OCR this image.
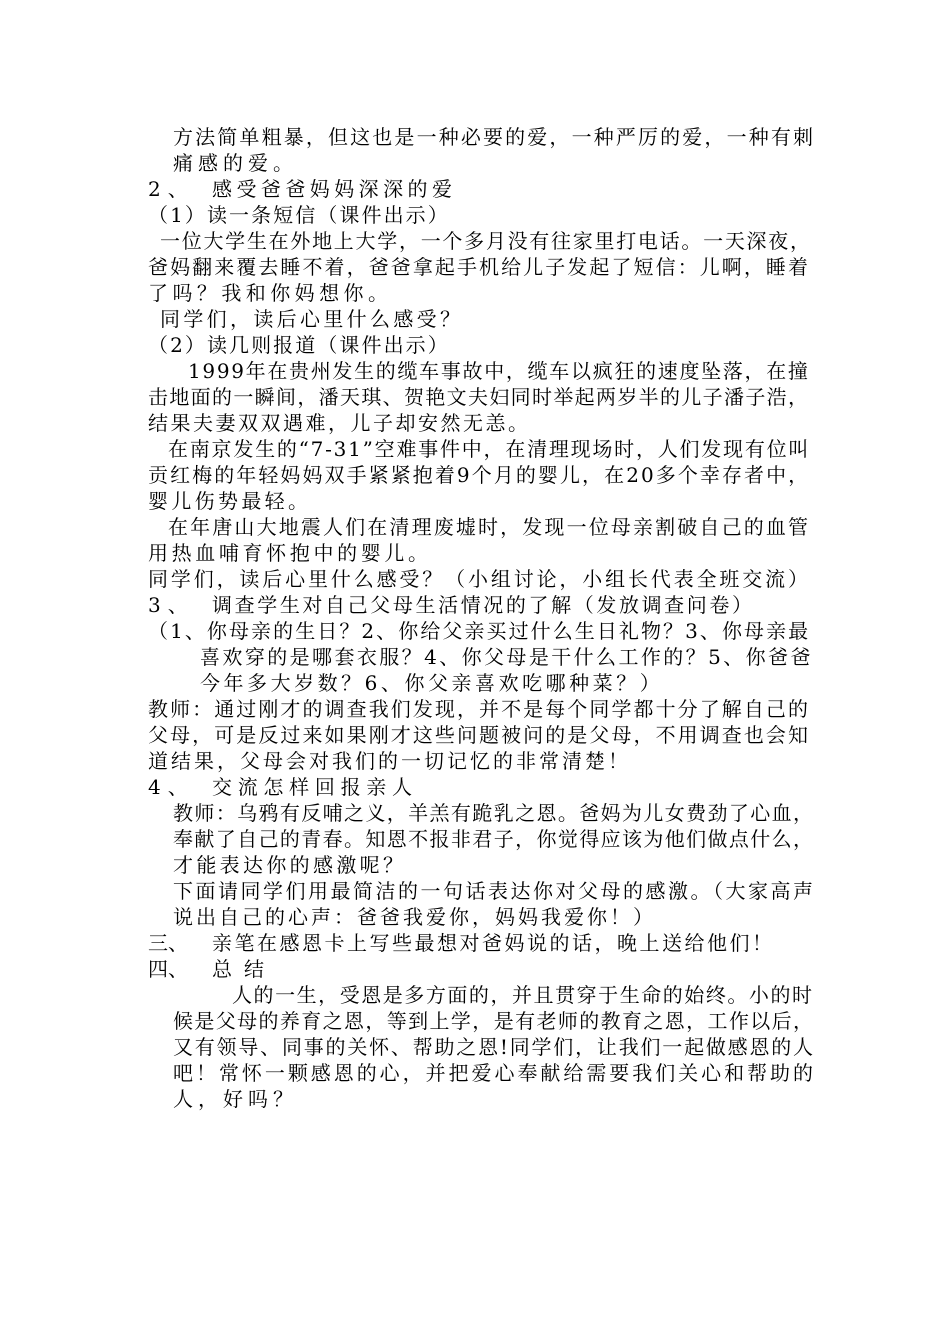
方法简单粗暴，但这也是一种必要的爱，一种严厉的爱，一种有刺
痛感的爱。
2、 感受爸爸妈妈深深的爱
（1）读一条短信（课件出示）
一位大学生在外地上大学，一个多月没有往家里打电话。一天深夜，
爸妈翻来覆去睡不着，爸爸拿起手机给儿子发起了短信：儿啊，睡着
了吗？我和你妈想你。
同学们，读后心里什么感受？
（2）读几则报道（课件出示）
1999年在贵州发生的缆车事故中，缆车以疯狂的速度坠落，在撞
击地面的一瞬间，潘天琪、贺艳文夫妇同时举起两岁半的儿子潘子浩，
结果夫妻双双遇难，儿子却安然无恙。
在南京发生的“7-31”空难事件中，在清理现场时，人们发现有位叫
贡红梅的年轻妈妈双手紧紧抱着9个月的婴儿，在20多个幸存者中，
婴儿伤势最轻。
在年唐山大地震人们在清理废墟时，发现一位母亲割破自己的血管
用热血哺育怀抱中的婴儿。
同学们，读后心里什么感受？（小组讨论，小组长代表全班交流）
3、 调查学生对自己父母生活情况的了解（发放调查问卷）
（1、你母亲的生日？2、你给父亲买过什么生日礼物？3、你母亲最
喜欢穿的是哪套衣服？4、你父母是干什么工作的？5、你爸爸
今年多大岁数？6、你父亲喜欢吃哪种菜？）
教师：通过刚才的调查我们发现，并不是每个同学都十分了解自己的
父母，可是反过来如果刚才这些问题被问的是父母，不用调查也会知
道结果，父母会对我们的一切记忆的非常清楚！
4、 交流怎样回报亲人
教师：乌鸦有反哺之义，羊羔有跪乳之恩。爸妈为儿女费劲了心血，
奉献了自己的青春。知恩不报非君子，你觉得应该为他们做点什么，
才能表达你的感激呢？
下面请同学们用最简洁的一句话表达你对父母的感激。（大家高声
说出自己的心声：爸爸我爱你，妈妈我爱你！）
三、 亲笔在感恩卡上写些最想对爸妈说的话，晚上送给他们！
四、 总结
人的一生，受恩是多方面的，并且贯穿于生命的始终。小的时
候是父母的养育之恩，等到上学，是有老师的教育之恩，工作以后，
又有领导、同事的关怀、帮助之恩!同学们，让我们一起做感恩的人
吧！常怀一颗感恩的心，并把爱心奉献给需要我们关心和帮助的
人，好吗？
